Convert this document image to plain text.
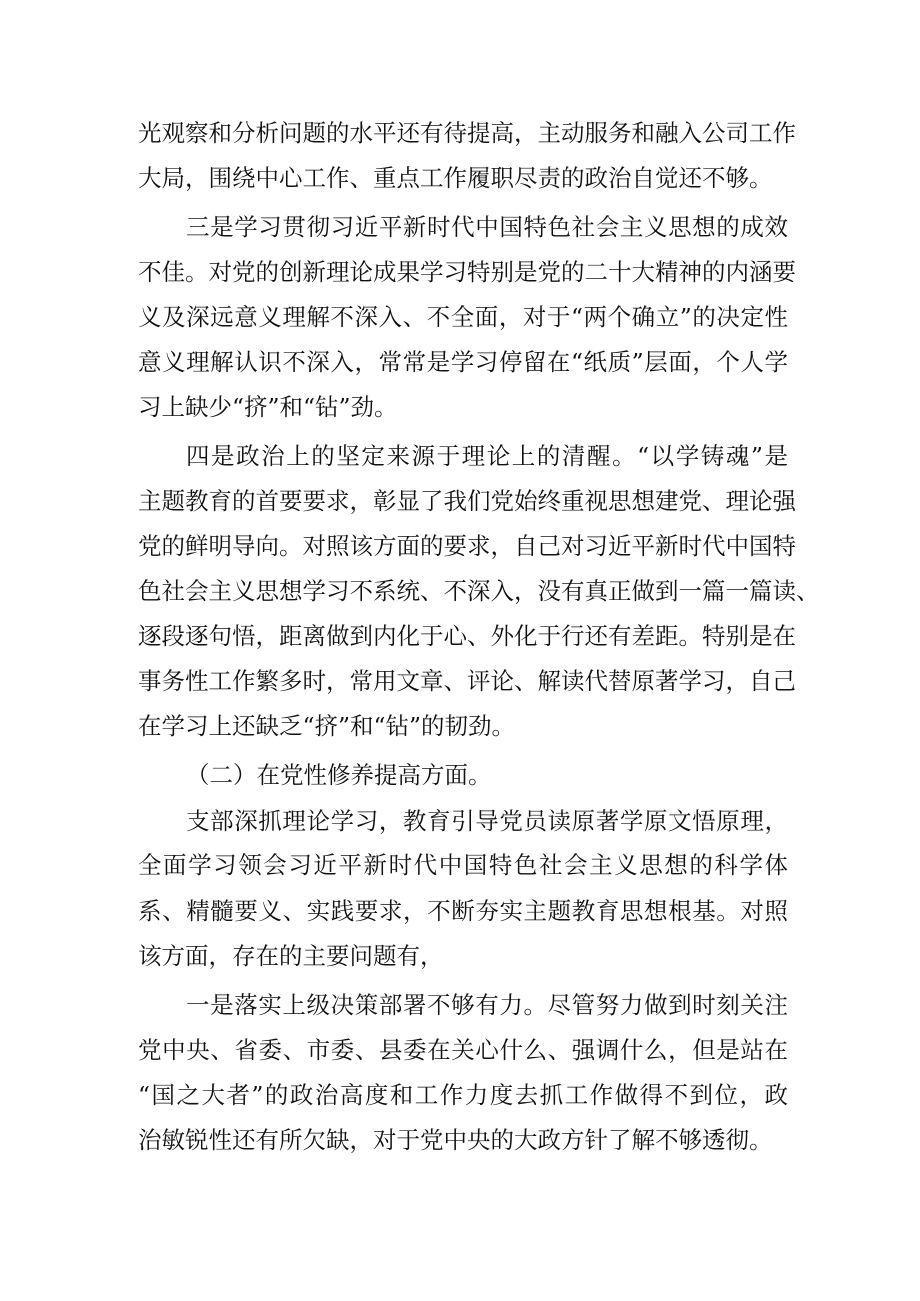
光观察和分析问题的水平还有待提高，主动服务和融入公司工作

大局，围绕中心工作、重点工作履职尽责的政治自觉还不够。

三是学习贯彻习近平新时代中国特色社会主义思想的成效

不佳。对党的创新理论成果学习特别是党的二十大精神的内涵要

义及深远意义理解不深入、不全面，对于“两个确立”的决定性

意义理解认识不深入，常常是学习停留在“纸质”层面，个人学

习上缺少“挤”和“钻”劲。

四是政治上的坚定来源于理论上的清醒。“以学铸魂”是

主题教育的首要要求，彰显了我们党始终重视思想建党、理论强

党的鲜明导向。对照该方面的要求，自己对习近平新时代中国特

色社会主义思想学习不系统、不深入，没有真正做到一篇一篇读、

逐段逐句悟，距离做到内化于心、外化于行还有差距。特别是在

事务性工作繁多时，常用文章、评论、解读代替原著学习，自己

在学习上还缺乏“挤”和“钻”的韧劲。

（二）在党性修养提高方面。

支部深抓理论学习，教育引导党员读原著学原文悟原理，

全面学习领会习近平新时代中国特色社会主义思想的科学体

系、精髓要义、实践要求，不断夯实主题教育思想根基。对照

该方面，存在的主要问题有，

一是落实上级决策部署不够有力。尽管努力做到时刻关注

党中央、省委、市委、县委在关心什么、强调什么，但是站在

“国之大者”的政治高度和工作力度去抓工作做得不到位，政

治敏锐性还有所欠缺，对于党中央的大政方针了解不够透彻。
